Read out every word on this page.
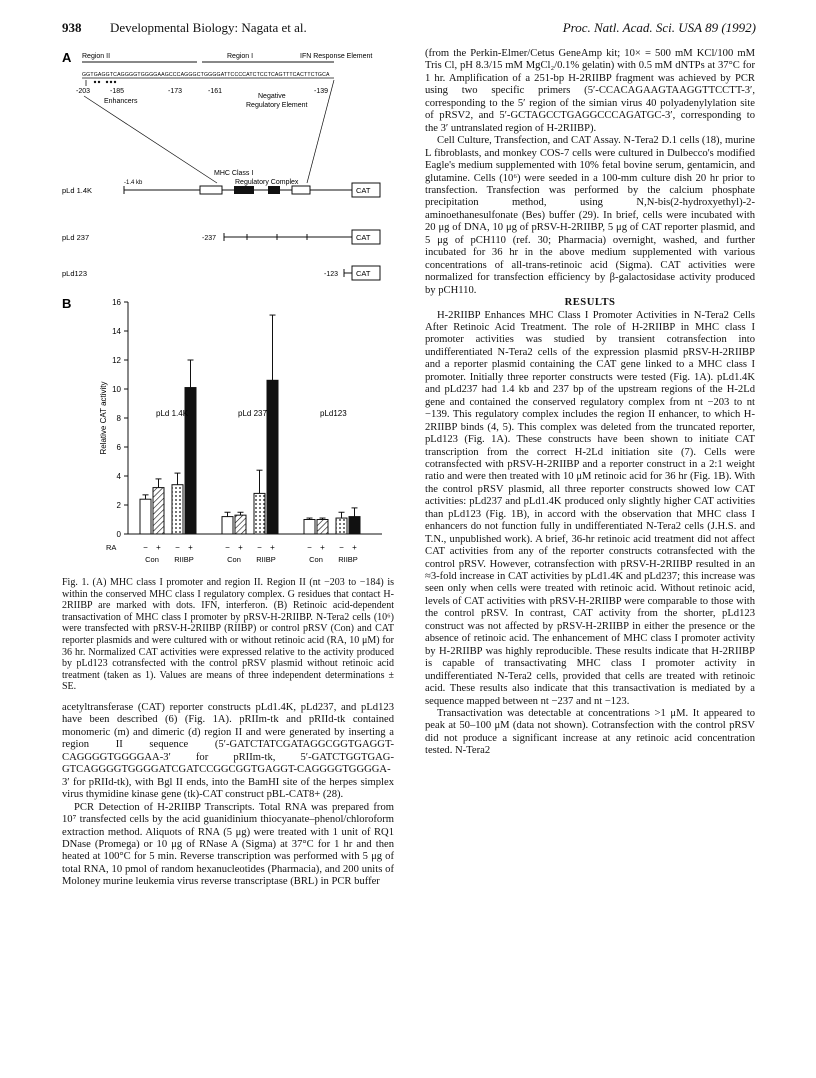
938 Developmental Biology: Nagata et al.	Proc. Natl. Acad. Sci. USA 89 (1992)
A Region II	Region I	IFN Response Element
GGTGAGGTCAGGGGTGGGGAAGCCCAGGGCTGGGGATTCCCCATCTCCTCAGTTTCACTTCTGCA
-203	-185	-173	-161	-139
Enhancers
Negative
Regulatory Element
MHC Class I
Regulatory Complex
pLd 1.4K
-1.4 kb
CAT
pLd 237	-237	CAT
pLd123	-123 CAT
B
Relative CAT activity
0
2
4
6
8
10
12
14
16
pLd 1.4K	pLd 237	pLd123
RA	− + − +	− + − +	− + − +
Con RIIBP	Con RIIBP	Con RIIBP

Fig. 1. (A) MHC class I promoter and region II. Region II (nt −203 to −184) is within the conserved MHC class I regulatory complex. G residues that contact H-2RIIBP are marked with dots. IFN, interferon. (B) Retinoic acid-dependent transactivation of MHC class I promoter by pRSV-H-2RIIBP. N-Tera2 cells (10⁶) were transfected with pRSV-H-2RIIBP (RIIBP) or control pRSV (Con) and CAT reporter plasmids and were cultured with or without retinoic acid (RA, 10 μM) for 36 hr. Normalized CAT activities were expressed relative to the activity produced by pLd123 cotransfected with the control pRSV plasmid without retinoic acid treatment (taken as 1). Values are means of three independent determinations ± SE.

acetyltransferase (CAT) reporter constructs pLd1.4K, pLd237, and pLd123 have been described (6) (Fig. 1A). pRIIm-tk and pRIId-tk contained monomeric (m) and dimeric (d) region II and were generated by inserting a region II sequence (5′-GATCTATCGATAGGCGGTGAGGT-CAGGGGTGGGGAA-3′ for pRIIm-tk, 5′-GATCTGGTGAG-GTCAGGGGTGGGGATCGATCCGGCGGTGAGGT-CAGGGGTGGGGA-3′ for pRIId-tk), with Bgl II ends, into the BamHI site of the herpes simplex virus thymidine kinase gene (tk)-CAT construct pBL-CAT8+ (28).

PCR Detection of H-2RIIBP Transcripts. Total RNA was prepared from 10⁷ transfected cells by the acid guanidinium thiocyanate–phenol/chloroform extraction method. Aliquots of RNA (5 μg) were treated with 1 unit of RQ1 DNase (Promega) or 10 μg of RNase A (Sigma) at 37°C for 1 hr and then heated at 100°C for 5 min. Reverse transcription was performed with 5 μg of total RNA, 10 pmol of random hexanucleotides (Pharmacia), and 200 units of Moloney murine leukemia virus reverse transcriptase (BRL) in PCR buffer

(from the Perkin-Elmer/Cetus GeneAmp kit; 10× = 500 mM KCl/100 mM Tris Cl, pH 8.3/15 mM MgCl₂/0.1% gelatin) with 0.5 mM dNTPs at 37°C for 1 hr. Amplification of a 251-bp H-2RIIBP fragment was achieved by PCR using two specific primers (5′-CCACAGAAGTAAGGTTCCTT-3′, corresponding to the 5′ region of the simian virus 40 polyadenylylation site of pRSV2, and 5′-GCTAGCCTGAGGCCCAGATGC-3′, corresponding to the 3′ untranslated region of H-2RIIBP).

Cell Culture, Transfection, and CAT Assay. N-Tera2 D.1 cells (18), murine L fibroblasts, and monkey COS-7 cells were cultured in Dulbecco's modified Eagle's medium supplemented with 10% fetal bovine serum, gentamicin, and glutamine. Cells (10⁶) were seeded in a 100-mm culture dish 20 hr prior to transfection. Transfection was performed by the calcium phosphate precipitation method, using N,N-bis(2-hydroxyethyl)-2-aminoethanesulfonate (Bes) buffer (29). In brief, cells were incubated with 20 μg of DNA, 10 μg of pRSV-H-2RIIBP, 5 μg of CAT reporter plasmid, and 5 μg of pCH110 (ref. 30; Pharmacia) overnight, washed, and further incubated for 36 hr in the above medium supplemented with various concentrations of all-trans-retinoic acid (Sigma). CAT activities were normalized for transfection efficiency by β-galactosidase activity produced by pCH110.

RESULTS

H-2RIIBP Enhances MHC Class I Promoter Activities in N-Tera2 Cells After Retinoic Acid Treatment. The role of H-2RIIBP in MHC class I promoter activities was studied by transient cotransfection into undifferentiated N-Tera2 cells of the expression plasmid pRSV-H-2RIIBP and a reporter plasmid containing the CAT gene linked to a MHC class I promoter. Initially three reporter constructs were tested (Fig. 1A). pLd1.4K and pLd237 had 1.4 kb and 237 bp of the upstream regions of the H-2Ld gene and contained the conserved regulatory complex from nt −203 to nt −139. This regulatory complex includes the region II enhancer, to which H-2RIIBP binds (4, 5). This complex was deleted from the truncated reporter, pLd123 (Fig. 1A). These constructs have been shown to initiate CAT transcription from the correct H-2Ld initiation site (7). Cells were cotransfected with pRSV-H-2RIIBP and a reporter construct in a 2:1 weight ratio and were then treated with 10 μM retinoic acid for 36 hr (Fig. 1B). With the control pRSV plasmid, all three reporter constructs showed low CAT activities: pLd237 and pLd1.4K produced only slightly higher CAT activities than pLd123 (Fig. 1B), in accord with the observation that MHC class I enhancers do not function fully in undifferentiated N-Tera2 cells (J.H.S. and T.N., unpublished work). A brief, 36-hr retinoic acid treatment did not affect CAT activities from any of the reporter constructs cotransfected with the control pRSV. However, cotransfection with pRSV-H-2RIIBP resulted in an ≈3-fold increase in CAT activities by pLd1.4K and pLd237; this increase was seen only when cells were treated with retinoic acid. Without retinoic acid, levels of CAT activities with pRSV-H-2RIIBP were comparable to those with the control pRSV. In contrast, CAT activity from the shorter, pLd123 construct was not affected by pRSV-H-2RIIBP in either the presence or the absence of retinoic acid. The enhancement of MHC class I promoter activity by H-2RIIBP was highly reproducible. These results indicate that H-2RIIBP is capable of transactivating MHC class I promoter activity in undifferentiated N-Tera2 cells, provided that cells are treated with retinoic acid. These results also indicate that this transactivation is mediated by a sequence mapped between nt −237 and nt −123.

Transactivation was detectable at concentrations >1 μM. It appeared to peak at 50–100 μM (data not shown). Cotransfection with the control pRSV did not produce a significant increase at any retinoic acid concentration tested. N-Tera2
